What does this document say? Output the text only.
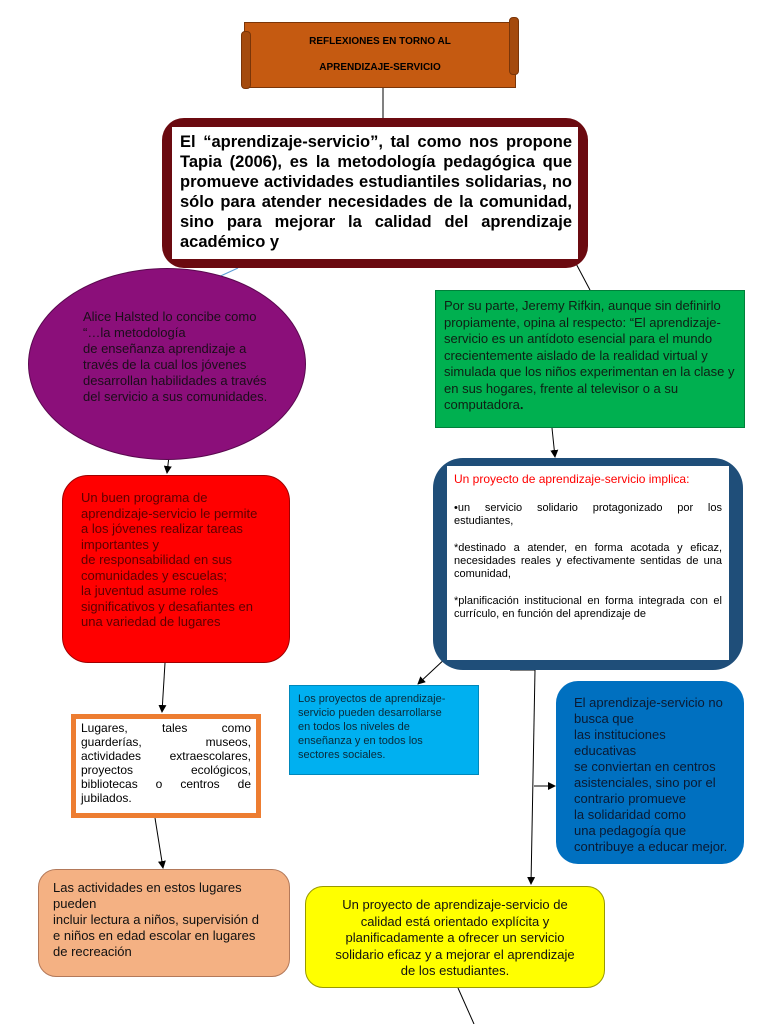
REFLEXIONES EN TORNO AL
APRENDIZAJE-SERVICIO
El “aprendizaje-servicio”, tal como nos propone Tapia (2006), es la metodología pedagógica que promueve actividades estudiantiles solidarias, no sólo para atender necesidades de la comunidad, sino para mejorar la calidad del aprendizaje académico y
Alice Halsted lo concibe como
“…la metodología
de enseñanza aprendizaje a
través de la cual los jóvenes
desarrollan habilidades a través
del servicio a sus comunidades.
Por su parte, Jeremy Rifkin, aunque sin definirlo propiamente, opina al respecto: “El aprendizaje-servicio es un antídoto esencial para el mundo crecientemente aislado de la realidad virtual y simulada que los niños experimentan en la clase y en sus hogares, frente al televisor o a su computadora.
Un buen programa de
aprendizaje-servicio le permite
a los jóvenes realizar tareas
importantes y
de responsabilidad en sus
comunidades y escuelas;
la juventud asume roles
significativos y desafiantes en
una variedad de lugares
Un proyecto de aprendizaje-servicio implica:
•un servicio solidario protagonizado por los estudiantes,
*destinado a atender, en forma acotada y eficaz, necesidades reales y efectivamente sentidas de una comunidad,
*planificación institucional en forma integrada con el currículo, en función del aprendizaje de
Lugares, tales como guarderías, museos, actividades extraescolares, proyectos ecológicos, bibliotecas o centros de jubilados.
Los proyectos de aprendizaje-
servicio pueden desarrollarse
en todos los niveles de
enseñanza y en todos los
sectores sociales.
El aprendizaje-servicio no
busca que
las instituciones educativas
se conviertan en centros
asistenciales, sino por el
contrario promueve
la solidaridad como
una pedagogía que
contribuye a educar mejor.
Las actividades en estos lugares
pueden
incluir lectura a niños, supervisión d
e niños en edad escolar en lugares
de recreación
Un proyecto de aprendizaje-servicio de
calidad está orientado explícita y
planificadamente a ofrecer un servicio
solidario eficaz y a mejorar el aprendizaje
de los estudiantes.
